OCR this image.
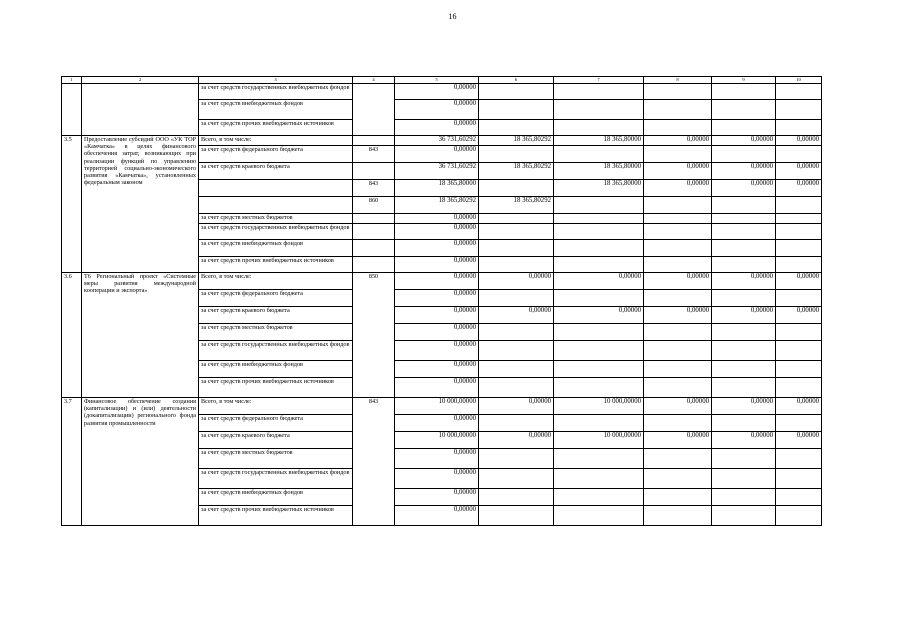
16
1	2	3	4	5	6	7	8	9	10
		за счет средств государственных внебюджетных фондов		0,00000					
		за счет средств внебюджетных фондов		0,00000					
		за счет средств прочих внебюджетных источников		0,00000					
3.5	Предоставление субсидий ООО «УК ТОР «Камчатка» в целях финансового обеспечения затрат, возникающих при реализации функций по управлению территорией социально-экономического развития «Камчатка», установленных федеральным законом	Всего, в том числе:		36 731,60292	18 365,80292	18 365,80000	0,00000	0,00000	0,00000
		за счет средств федерального бюджета	843	0,00000					
		за счет средств краевого бюджета		36 731,60292	18 365,80292	18 365,80000	0,00000	0,00000	0,00000
			843	18 365,80000		18 365,80000	0,00000	0,00000	0,00000
			860	18 365,80292	18 365,80292				
		за счет средств местных бюджетов		0,00000					
		за счет средств государственных внебюджетных фондов		0,00000					
		за счет средств внебюджетных фондов		0,00000					
		за счет средств прочих внебюджетных источников		0,00000					
3.6	Т6 Региональный проект «Системные меры развития международной кооперации и экспорта»	Всего, в том числе:	850	0,00000	0,00000	0,00000	0,00000	0,00000	0,00000
		за счет средств федерального бюджета		0,00000					
		за счет средств краевого бюджета		0,00000	0,00000	0,00000	0,00000	0,00000	0,00000
		за счет средств местных бюджетов		0,00000					
		за счет средств государственных внебюджетных фондов		0,00000					
		за счет средств внебюджетных фондов		0,00000					
		за счет средств прочих внебюджетных источников		0,00000					
3.7	Финансовое обеспечение создания (капитализации) и (или) деятельности (докапитализации) регионального фонда развития промышленности	Всего, в том числе:	843	10 000,00000	0,00000	10 000,00000	0,00000	0,00000	0,00000
		за счет средств федерального бюджета		0,00000					
		за счет средств краевого бюджета		10 000,00000	0,00000	10 000,00000	0,00000	0,00000	0,00000
		за счет средств местных бюджетов		0,00000					
		за счет средств государственных внебюджетных фондов		0,00000					
		за счет средств внебюджетных фондов		0,00000					
		за счет средств прочих внебюджетных источников		0,00000					
